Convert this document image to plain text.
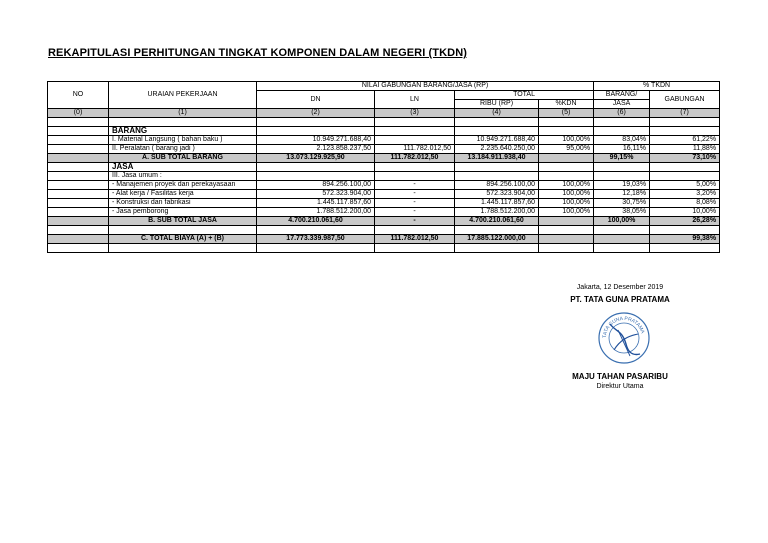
REKAPITULASI PERHITUNGAN TINGKAT KOMPONEN DALAM NEGERI (TKDN)
NO	URAIAN PEKERJAAN	NILAI GABUNGAN BARANG/JASA (RP)				% TKDN	
		DN	LN	TOTAL		BARANG/	GABUNGAN
				RIBU (RP)	%KDN	JASA	
(0)	(1)	(2)	(3)	(4)	(5)	(6)	(7)

	BARANG						
	I. Material Langsung ( bahan baku )	10.949.271.688,40		10.949.271.688,40	100,00%	83,04%	61,22%
	II. Peralatan ( barang jadi )	2.123.858.237,50	111.782.012,50	2.235.640.250,00	95,00%	16,11%	11,88%
	A. SUB TOTAL BARANG	13.073.129.925,90	111.782.012,50	13.184.911.938,40		99,15%	73,10%
	JASA						
	III. Jasa umum :						
	- Manajemen proyek dan perekayasaan	894.256.100,00	-	894.256.100,00	100,00%	19,03%	5,00%
	- Alat kerja / Fasilitas kerja	572.323.904,00	-	572.323.904,00	100,00%	12,18%	3,20%
	- Konstruksi dan fabrikasi	1.445.117.857,60	-	1.445.117.857,60	100,00%	30,75%	8,08%
	- Jasa pemborong	1.788.512.200,00	-	1.788.512.200,00	100,00%	38,05%	10,00%
	B. SUB TOTAL JASA	4.700.210.061,60	-	4.700.210.061,60		100,00%	26,28%

	C. TOTAL BIAYA (A) + (B)	17.773.339.987,50	111.782.012,50	17.885.122.000,00			99,38%

Jakarta, 12 Desember 2019
PT. TATA GUNA PRATAMA
TATA GUNA PRATAMA
MAJU TAHAN PASARIBU
Direktur Utama
